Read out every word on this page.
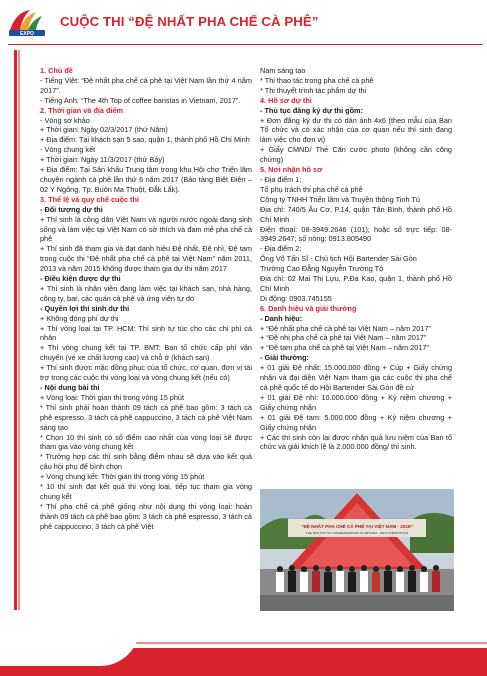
EXPO
CUỘC THI “ĐỆ NHẤT PHA CHẾ CÀ PHÊ”

1. Chủ đề

- Tiếng Việt: “Đệ nhất pha chế cà phê tại Việt Nam lần thứ 4 năm 2017”.

- Tiếng Anh: “The 4th Top of coffee baristas in Vietnam, 2017”.

2. Thời gian và địa điểm

- Vòng sơ khảo

+ Thời gian: Ngày 02/3/2017 (thứ Năm)

+ Địa điểm: Tại khách sạn 5 sao, quận 1, thành phố Hồ Chí Minh

- Vòng chung kết

+ Thời gian: Ngày 11/3/2017 (thứ Bảy)

+ Địa điểm: Tại Sân khấu Trung tâm trong khu Hội chợ Triển lãm chuyên ngành cà phê lần thứ 6 năm 2017 (Bảo tàng Biệt Điện – 02 Y Ngông, Tp. Buôn Ma Thuột, Đắk Lắk).

3. Thể lệ và quy chế cuộc thi

- Đối tượng dự thi

+ Thí sinh là công dân Việt Nam và người nước ngoài đang sinh sống và làm việc tại Việt Nam có sở thích và đam mê pha chế cà phê

+ Thí sinh đã tham gia và đạt danh hiệu Đệ nhất, Đệ nhì, Đệ tam trong cuộc thi “Đệ nhất pha chế cà phê tại Việt Nam” năm 2011, 2013 và năm 2015 không được tham gia dự thi năm 2017

- Điều kiện được dự thi

+ Thí sinh là nhân viên đang làm việc tại khách sạn, nhà hàng, công ty, bar, các quán cà phê và ứng viên tự do

- Quyền lợi thí sinh dự thi

+ Không đóng phí dự thi

+ Thí vòng loại tại TP. HCM: Thí sinh tự túc cho các chi phí cá nhân

+ Thí vòng chung kết tại TP. BMT: Ban tổ chức cấp phí vận chuyển (vé xe chất lượng cao) và chỗ ở (khách sạn)

+ Thí sinh được mặc đồng phục của tổ chức, cơ quan, đơn vị tài trợ trong các cuộc thi vòng loại và vòng chung kết (nếu có)

- Nội dung bài thi

+ Vòng loại: Thời gian thi trong vòng 15 phút

* Thí sinh phải hoàn thành 09 tách cà phê bao gồm: 3 tách cà phê espresso, 3 tách cà phê cappuccino, 3 tách cà phê Việt Nam sáng tạo

* Chọn 10 thí sinh có số điểm cao nhất của vòng loại sẽ được tham gia vào vòng chung kết

* Trường hợp các thí sinh bằng điểm nhau sẽ dựa vào kết quả câu hỏi phụ để bình chọn

+ Vòng chung kết: Thời gian thi trong vòng 15 phút

* 10 thí sinh đạt kết quả thi vòng loại, tiếp tục tham gia vòng chung kết

* Thí pha chế cà phê giống như nội dung thi vòng loại: hoàn thành 09 tách cà phê bao gồm: 3 tách cà phê espresso, 3 tách cà phê cappuccino, 3 tách cà phê Việt

Nam sáng tạo

* Thi thao tác trong pha chế cà phê

* Thi thuyết trình tác phẩm dự thi

4. Hồ sơ dự thi

- Thủ tục đăng ký dự thi gồm:

+ Đơn đăng ký dự thi có dán ảnh 4x6 (theo mẫu của Ban Tổ chức và có xác nhận của cơ quan nếu thí sinh đang làm việc cho đơn vị)

+ Giấy CMND/ Thẻ Căn cước photo (không cần công chứng)

5. Nơi nhận hồ sơ

- Địa điểm 1:

Tổ phụ trách thi pha chế cà phê

Công ty TNHH Triển lãm và Truyền thông Tinh Tú

Địa chỉ: 740/5 Âu Cơ, P.14, quận Tân Bình, thành phố Hồ Chí Minh

Điện thoại: 08-3949.2646 (101); hoặc số trực tiếp: 08-3949.2647; số nóng: 0913.805490

- Địa điểm 2:

Ông Võ Tấn Sĩ - Chủ tịch Hội Bartender Sài Gòn

Trường Cao Đẳng Nguyễn Trường Tộ

Địa chỉ: 02 Mai Thị Lựu, P.Đa Kao, quận 1, thành phố Hồ Chí Minh

Di động: 0903.745155

6. Danh hiệu và giải thưởng

- Danh hiệu:

+ “Đệ nhất pha chế cà phê tại Việt Nam – năm 2017”

+ “Đệ nhị pha chế cà phê tại Việt Nam – năm 2017”

+ “Đệ tam pha chế cà phê tại Việt Nam – năm 2017”

- Giải thưởng:

+ 01 giải Đệ nhất: 15.000.000 đồng + Cúp + Giấy chứng nhận và đại diện Việt Nam tham gia các cuộc thi pha chế cà phê quốc tế do Hội Bartender Sài Gòn đề cử

+ 01 giải Đệ nhì: 10.000.000 đồng + Kỷ niệm chương + Giấy chứng nhận

+ 01 giải Đệ tam: 5.000.000 đồng + Kỷ niệm chương + Giấy chứng nhận

+ Các thí sinh còn lại được nhận quà lưu niệm của Ban tổ chức và giải khích lệ là 2.000.000 đồng/ thí sinh.

“ĐỆ NHẤT PHA CHẾ CÀ PHÊ TẠI VIỆT NAM - 2015”
THE 3RD TOP OF COFFEE BARISTAS IN VIETNAM - 2015 COMPETITION
